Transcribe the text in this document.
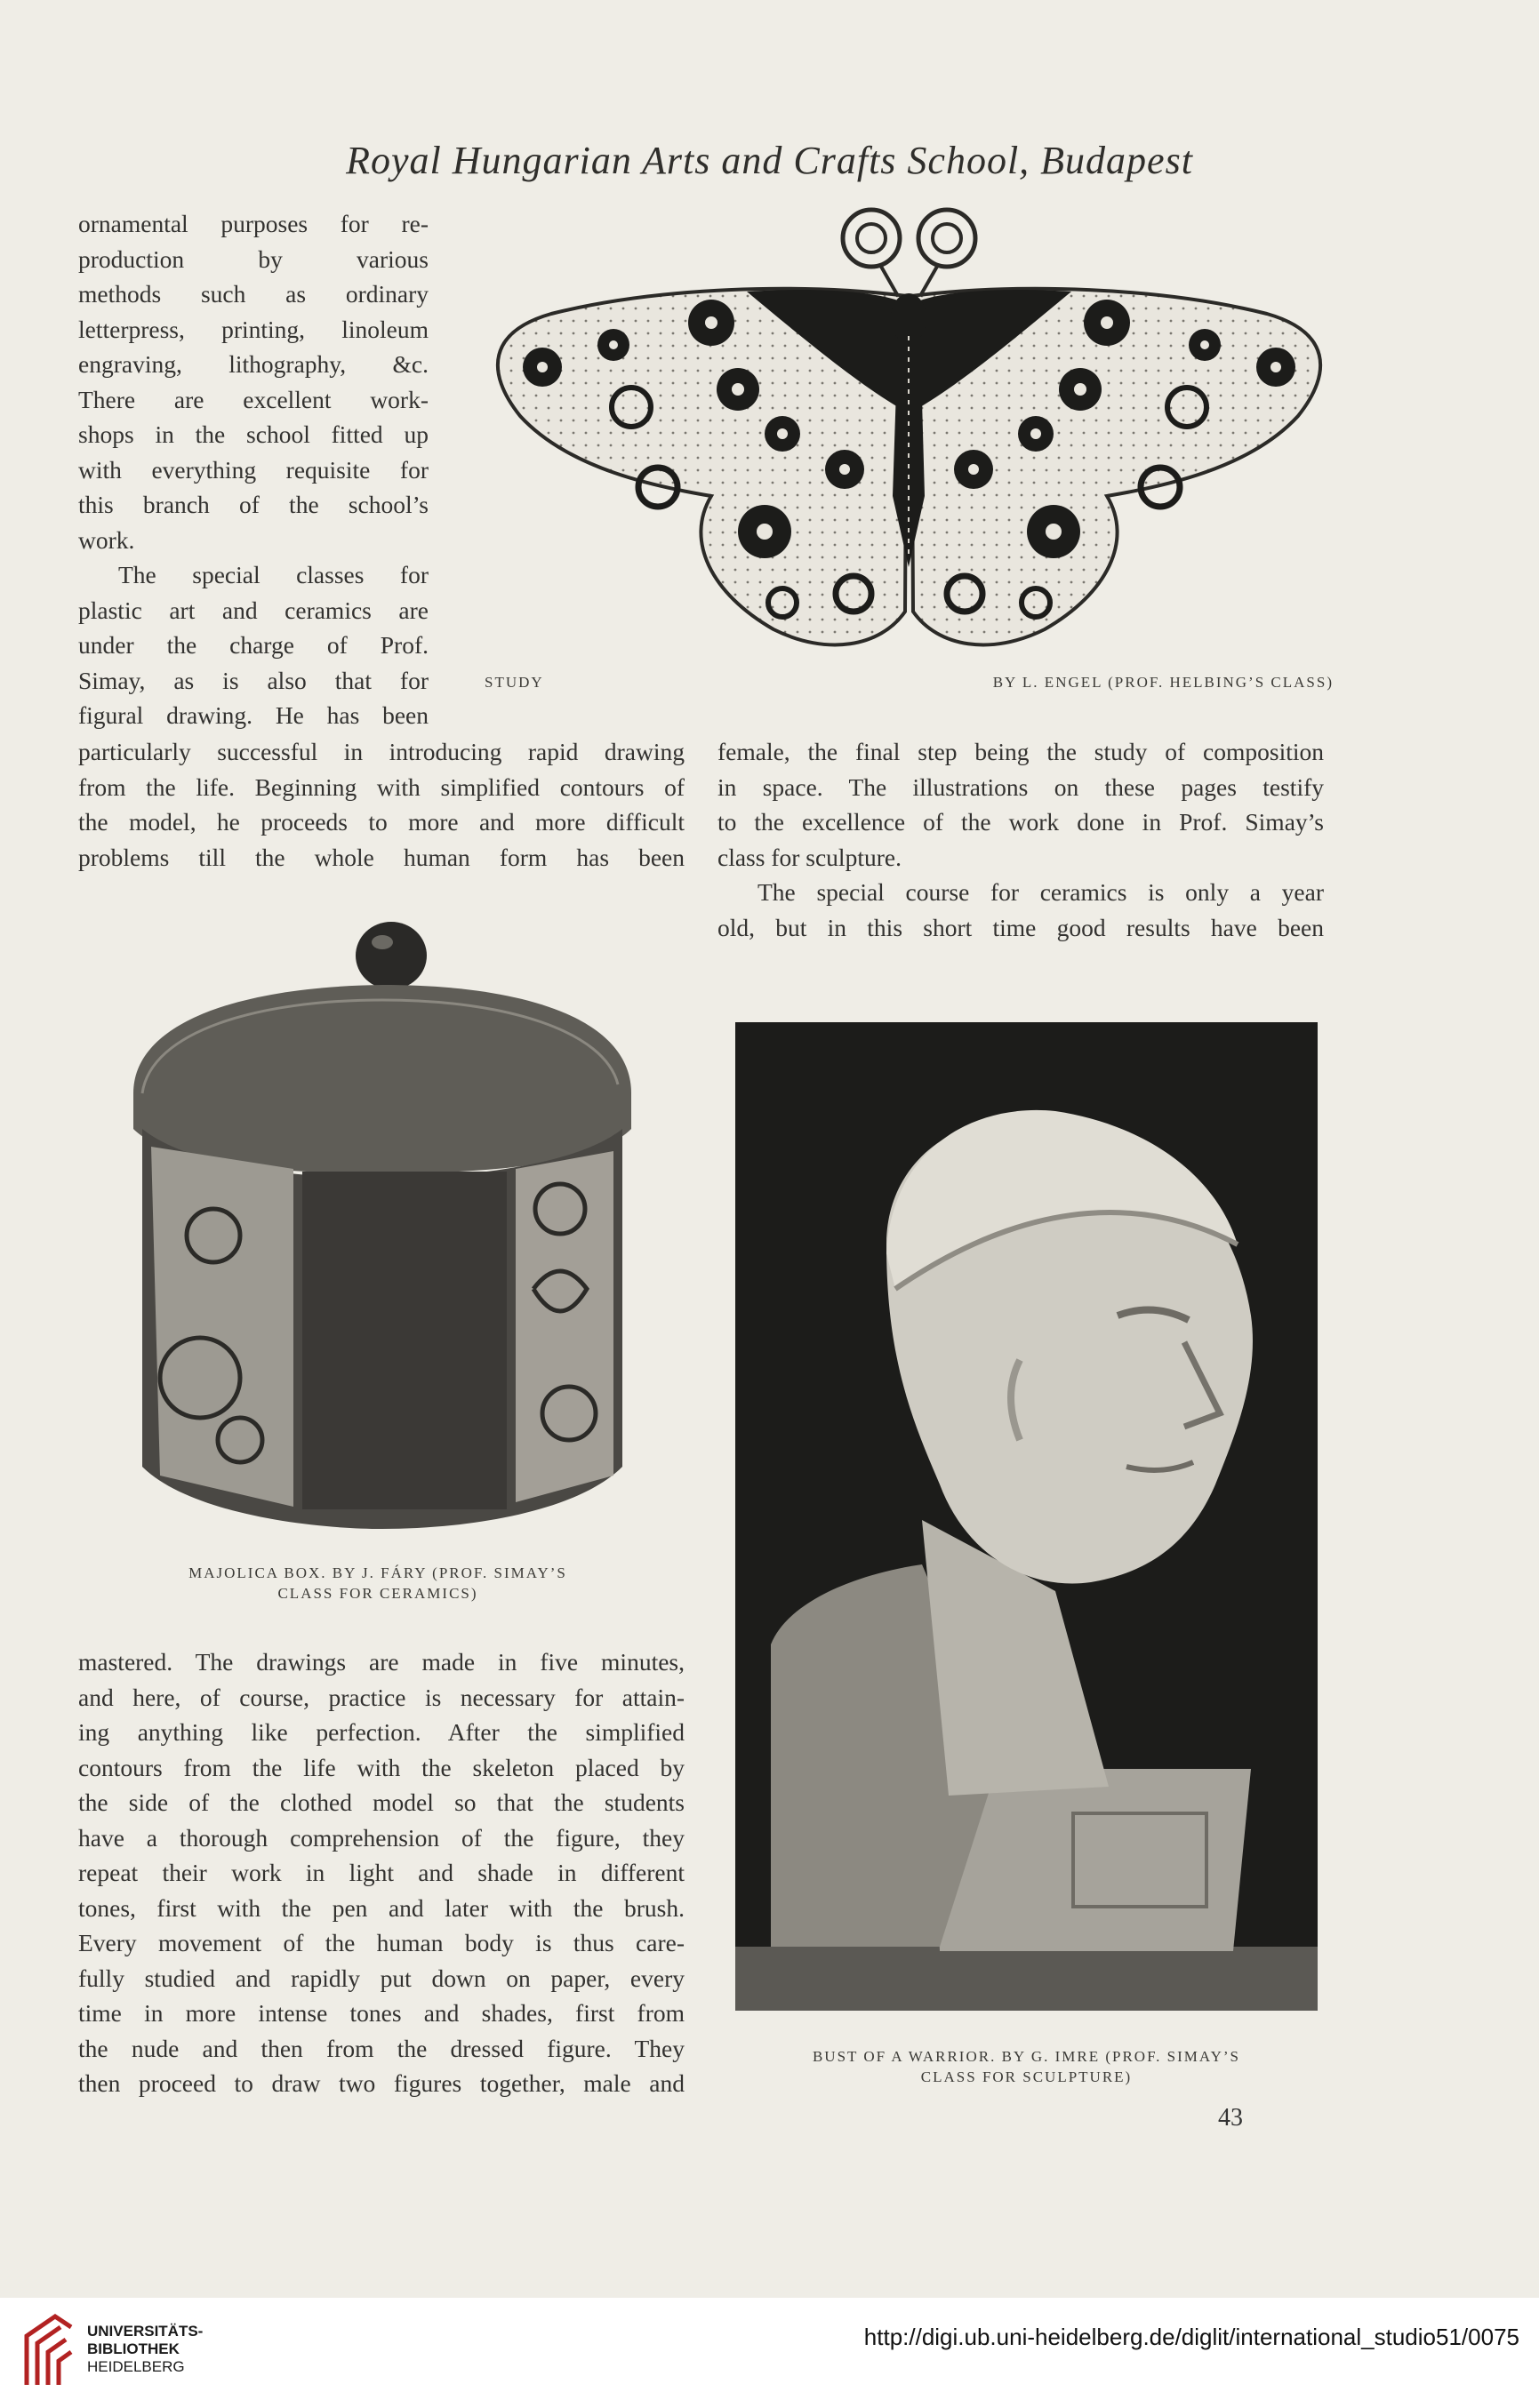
Royal Hungarian Arts and Crafts School, Budapest
ornamental purposes for re-
production by various
methods such as ordinary
letterpress, printing, linoleum
engraving, lithography, &c.
There are excellent work-
shops in the school fitted up
with everything requisite for
this branch of the school’s
work.
The special classes for
plastic art and ceramics are
under the charge of Prof.
Simay, as is also that for
figural drawing. He has been
particularly successful in introducing rapid drawing
from the life. Beginning with simplified contours of
the model, he proceeds to more and more difficult
problems till the whole human form has been
female, the final step being the study of composition
in space. The illustrations on these pages testify
to the excellence of the work done in Prof. Simay’s
class for sculpture.
The special course for ceramics is only a year
old, but in this short time good results have been
mastered. The drawings are made in five minutes,
and here, of course, practice is necessary for attain-
ing anything like perfection. After the simplified
contours from the life with the skeleton placed by
the side of the clothed model so that the students
have a thorough comprehension of the figure, they
repeat their work in light and shade in different
tones, first with the pen and later with the brush.
Every movement of the human body is thus care-
fully studied and rapidly put down on paper, every
time in more intense tones and shades, first from
the nude and then from the dressed figure. They
then proceed to draw two figures together, male and
STUDY	BY L. ENGEL (PROF. HELBING’S CLASS)
MAJOLICA BOX. BY J. FÁRY (PROF. SIMAY’S
CLASS FOR CERAMICS)
BUST OF A WARRIOR. BY G. IMRE (PROF. SIMAY’S
CLASS FOR SCULPTURE)
43
UNIVERSITÄTS-
BIBLIOTHEK
HEIDELBERG
http://digi.ub.uni-heidelberg.de/diglit/international_studio51/0075
